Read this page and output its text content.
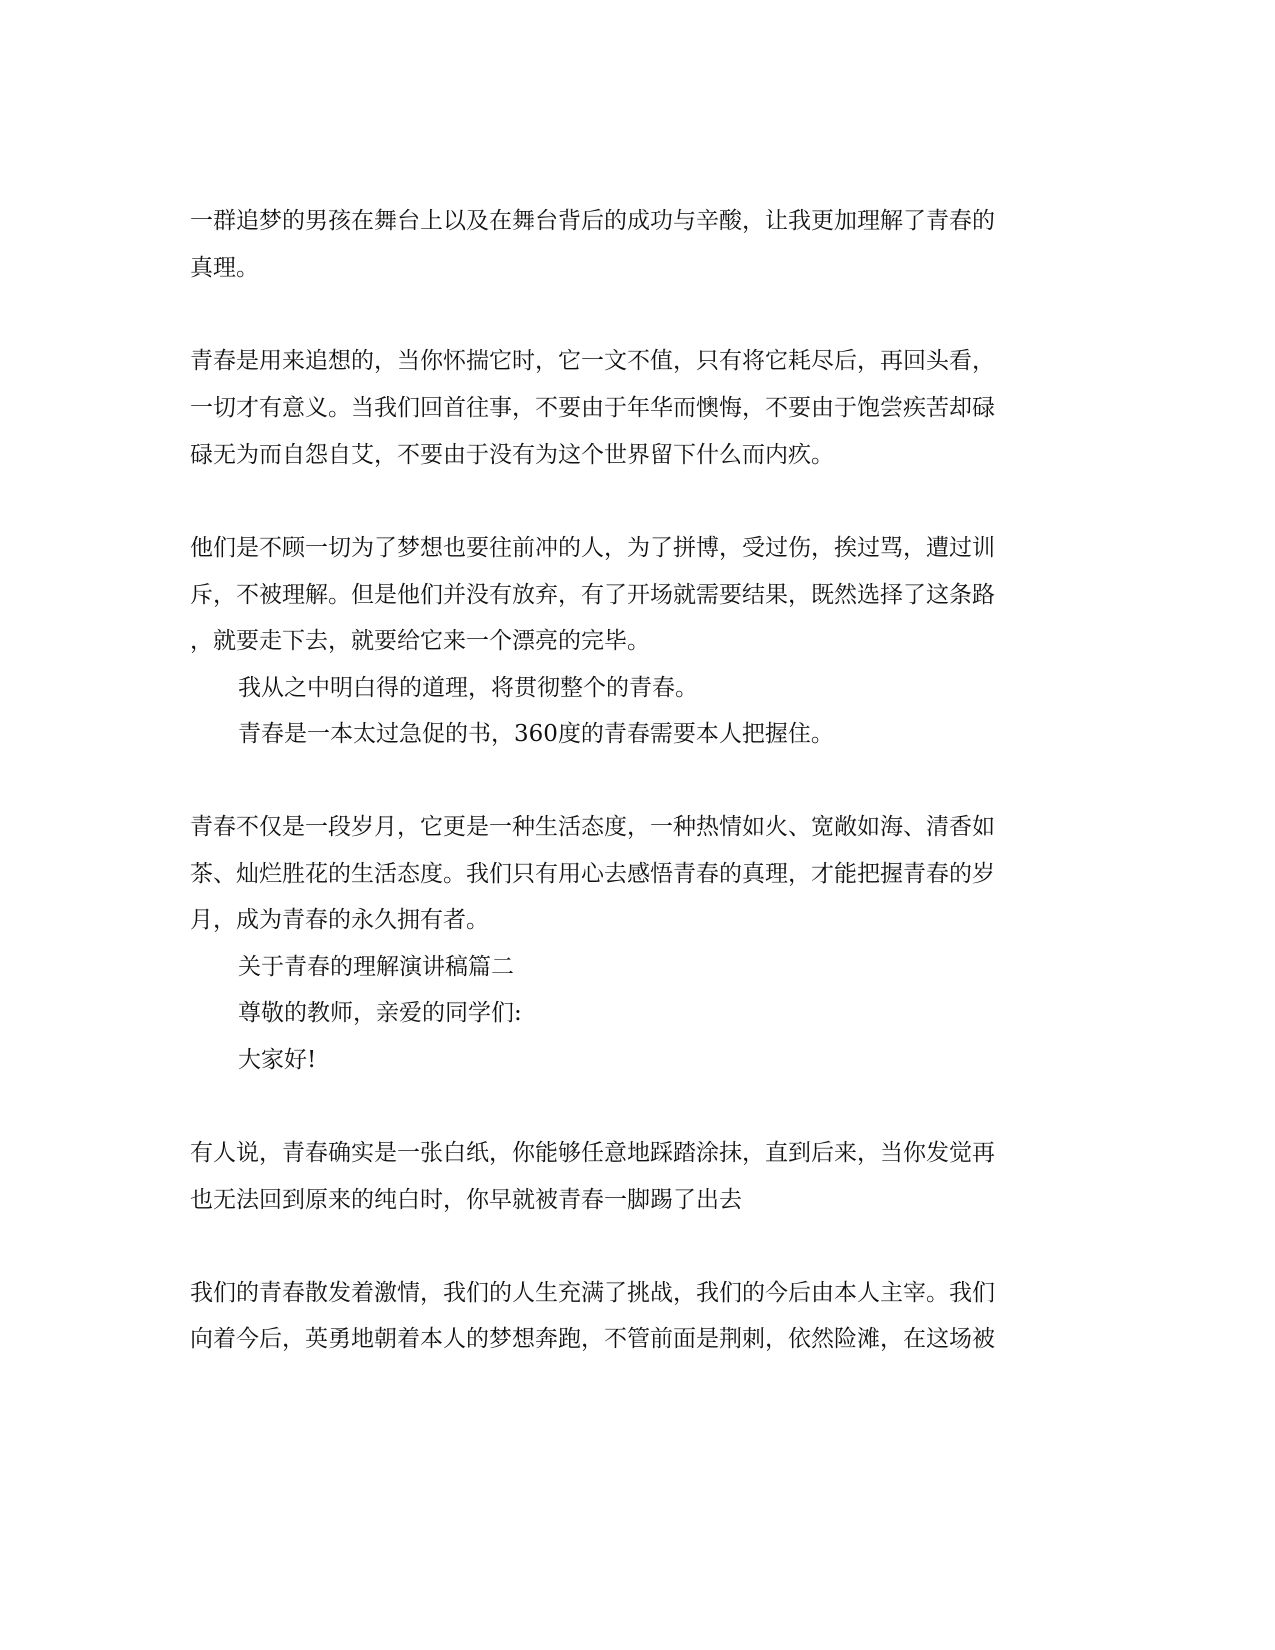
一群追梦的男孩在舞台上以及在舞台背后的成功与辛酸，让我更加理解了青春的
真理。
青春是用来追想的，当你怀揣它时，它一文不值，只有将它耗尽后，再回头看，
一切才有意义。当我们回首往事，不要由于年华而懊悔，不要由于饱尝疾苦却碌
碌无为而自怨自艾，不要由于没有为这个世界留下什么而内疚。
他们是不顾一切为了梦想也要往前冲的人，为了拼博，受过伤，挨过骂，遭过训
斥，不被理解。但是他们并没有放弃，有了开场就需要结果，既然选择了这条路
，就要走下去，就要给它来一个漂亮的完毕。
我从之中明白得的道理，将贯彻整个的青春。
青春是一本太过急促的书，360度的青春需要本人把握住。
青春不仅是一段岁月，它更是一种生活态度，一种热情如火、宽敞如海、清香如
茶、灿烂胜花的生活态度。我们只有用心去感悟青春的真理，才能把握青春的岁
月，成为青春的永久拥有者。
关于青春的理解演讲稿篇二
尊敬的教师，亲爱的同学们:
大家好!
有人说，青春确实是一张白纸，你能够任意地踩踏涂抹，直到后来，当你发觉再
也无法回到原来的纯白时，你早就被青春一脚踢了出去
我们的青春散发着激情，我们的人生充满了挑战，我们的今后由本人主宰。我们
向着今后，英勇地朝着本人的梦想奔跑，不管前面是荆刺，依然险滩，在这场被
